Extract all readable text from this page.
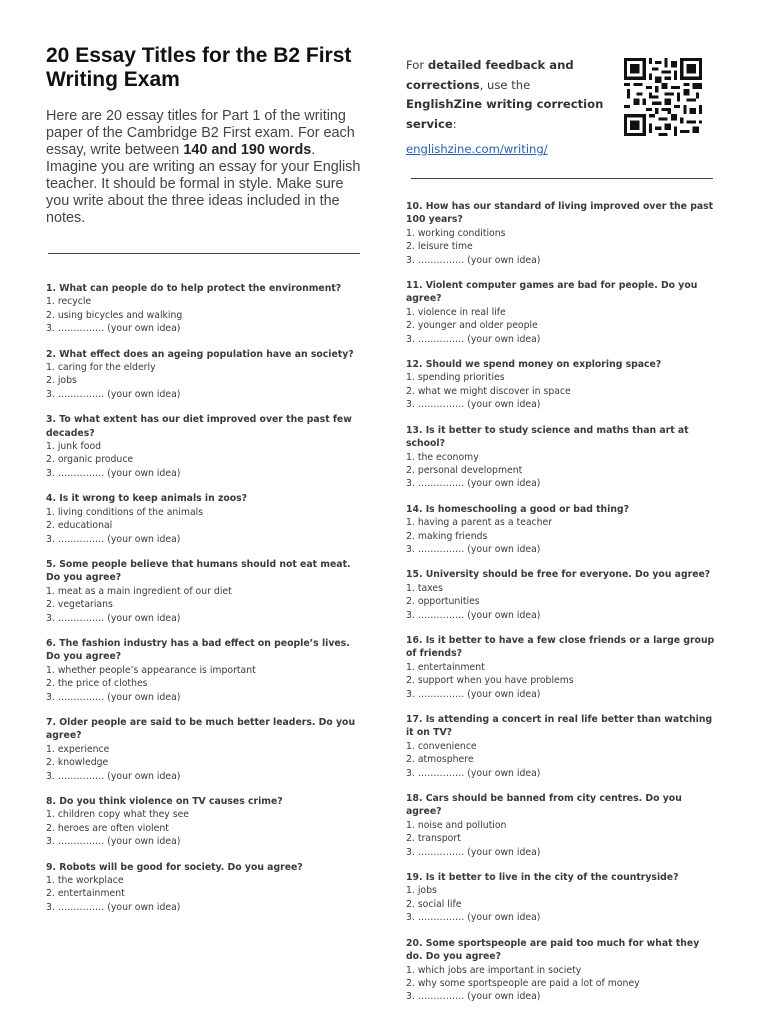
20 Essay Titles for the B2 First Writing Exam
Here are 20 essay titles for Part 1 of the writing paper of the Cambridge B2 First exam. For each essay, write between 140 and 190 words. Imagine you are writing an essay for your English teacher. It should be formal in style. Make sure you write about the three ideas included in the notes.
1. What can people do to help protect the environment?
1. recycle
2. using bicycles and walking
3. …………… (your own idea)
2. What effect does an ageing population have an society?
1. caring for the elderly
2. jobs
3. …………… (your own idea)
3. To what extent has our diet improved over the past few decades?
1. junk food
2. organic produce
3. …………… (your own idea)
4. Is it wrong to keep animals in zoos?
1. living conditions of the animals
2. educational
3. …………… (your own idea)
5. Some people believe that humans should not eat meat. Do you agree?
1. meat as a main ingredient of our diet
2. vegetarians
3. …………… (your own idea)
6. The fashion industry has a bad effect on people’s lives. Do you agree?
1. whether people’s appearance is important
2. the price of clothes
3. …………… (your own idea)
7. Older people are said to be much better leaders. Do you agree?
1. experience
2. knowledge
3. …………… (your own idea)
8. Do you think violence on TV causes crime?
1. children copy what they see
2. heroes are often violent
3. …………… (your own idea)
9. Robots will be good for society. Do you agree?
1. the workplace
2. entertainment
3. …………… (your own idea)
For detailed feedback and corrections, use the EnglishZine writing correction service:
englishzine.com/writing/
10. How has our standard of living improved over the past 100 years?
1. working conditions
2. leisure time
3. …………… (your own idea)
11. Violent computer games are bad for people. Do you agree?
1. violence in real life
2. younger and older people
3. …………… (your own idea)
12. Should we spend money on exploring space?
1. spending priorities
2. what we might discover in space
3. …………… (your own idea)
13. Is it better to study science and maths than art at school?
1. the economy
2. personal development
3. …………… (your own idea)
14. Is homeschooling a good or bad thing?
1. having a parent as a teacher
2. making friends
3. …………… (your own idea)
15. University should be free for everyone. Do you agree?
1. taxes
2. opportunities
3. …………… (your own idea)
16. Is it better to have a few close friends or a large group of friends?
1. entertainment
2. support when you have problems
3. …………… (your own idea)
17. Is attending a concert in real life better than watching it on TV?
1. convenience
2. atmosphere
3. …………… (your own idea)
18. Cars should be banned from city centres. Do you agree?
1. noise and pollution
2. transport
3. …………… (your own idea)
19. Is it better to live in the city of the countryside?
1. jobs
2. social life
3. …………… (your own idea)
20. Some sportspeople are paid too much for what they do. Do you agree?
1. which jobs are important in society
2. why some sportspeople are paid a lot of money
3. …………… (your own idea)
